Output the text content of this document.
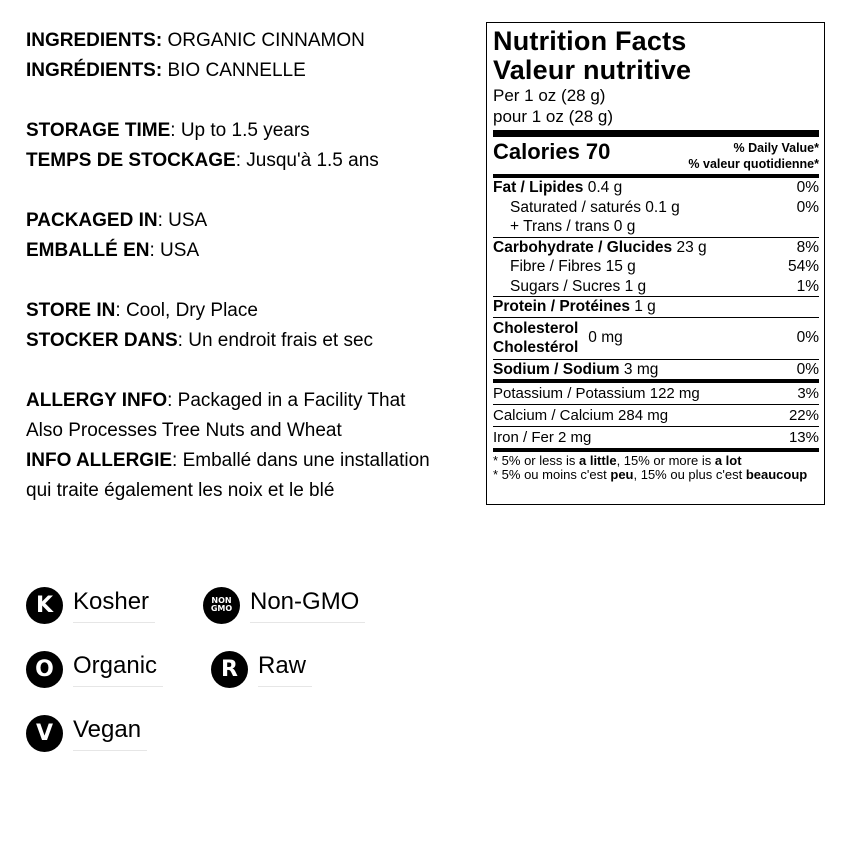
INGREDIENTS: ORGANIC CINNAMON
INGRÉDIENTS: BIO CANNELLE
STORAGE TIME: Up to 1.5 years
TEMPS DE STOCKAGE: Jusqu'à 1.5 ans
PACKAGED IN: USA
EMBALLÉ EN: USA
STORE IN: Cool, Dry Place
STOCKER DANS: Un endroit frais et sec
ALLERGY INFO: Packaged in a Facility That
Also Processes Tree Nuts and Wheat
INFO ALLERGIE: Emballé dans une installation
qui traite également les noix et le blé
Nutrition Facts
Valeur nutritive
Per 1 oz (28 g)
pour 1 oz (28 g)
Calories 70	% Daily Value*
% valeur quotidienne*
Fat / Lipides 0.4 g	0%
Saturated / saturés 0.1 g	0%
+ Trans / trans 0 g
Carbohydrate / Glucides 23 g	8%
Fibre / Fibres 15 g	54%
Sugars / Sucres 1 g	1%
Protein / Protéines 1 g
Cholesterol
Cholestérol
0 mg	0%
Sodium / Sodium 3 mg	0%
Potassium / Potassium 122 mg	3%
Calcium / Calcium 284 mg	22%
Iron / Fer 2 mg	13%
* 5% or less is a little, 15% or more is a lot
* 5% ou moins c'est peu, 15% ou plus c'est beaucoup
K Kosher	NON
GMO Non-GMO
O Organic	R Raw
V Vegan
